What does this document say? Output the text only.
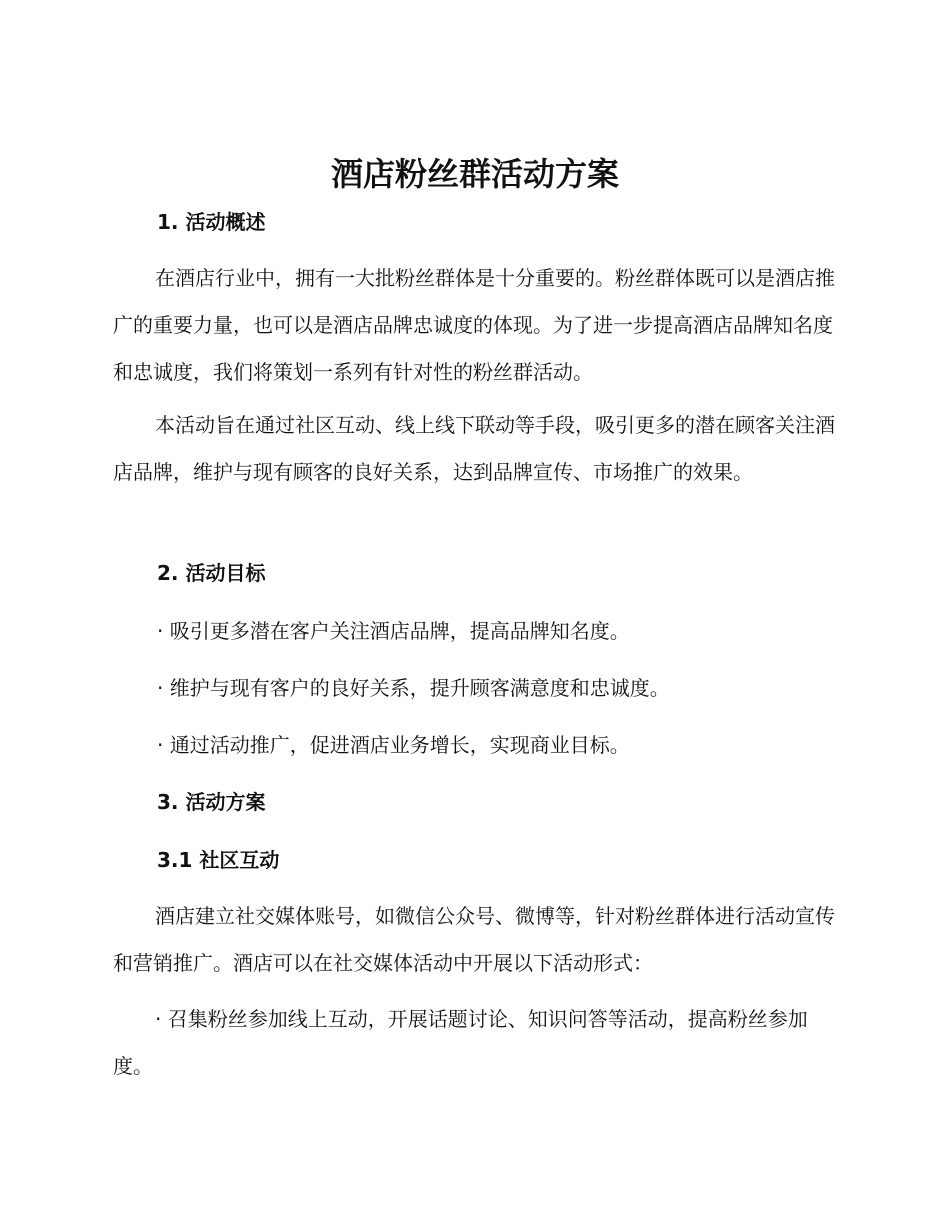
酒店粉丝群活动方案
1. 活动概述

在酒店行业中，拥有一大批粉丝群体是十分重要的。粉丝群体既可以是酒店推广的重要力量，也可以是酒店品牌忠诚度的体现。为了进一步提高酒店品牌知名度和忠诚度，我们将策划一系列有针对性的粉丝群活动。

本活动旨在通过社区互动、线上线下联动等手段，吸引更多的潜在顾客关注酒店品牌，维护与现有顾客的良好关系，达到品牌宣传、市场推广的效果。

2. 活动目标

· 吸引更多潜在客户关注酒店品牌，提高品牌知名度。

· 维护与现有客户的良好关系，提升顾客满意度和忠诚度。

· 通过活动推广，促进酒店业务增长，实现商业目标。

3. 活动方案
3.1 社区互动

酒店建立社交媒体账号，如微信公众号、微博等，针对粉丝群体进行活动宣传和营销推广。酒店可以在社交媒体活动中开展以下活动形式：

· 召集粉丝参加线上互动，开展话题讨论、知识问答等活动，提高粉丝参加度。
